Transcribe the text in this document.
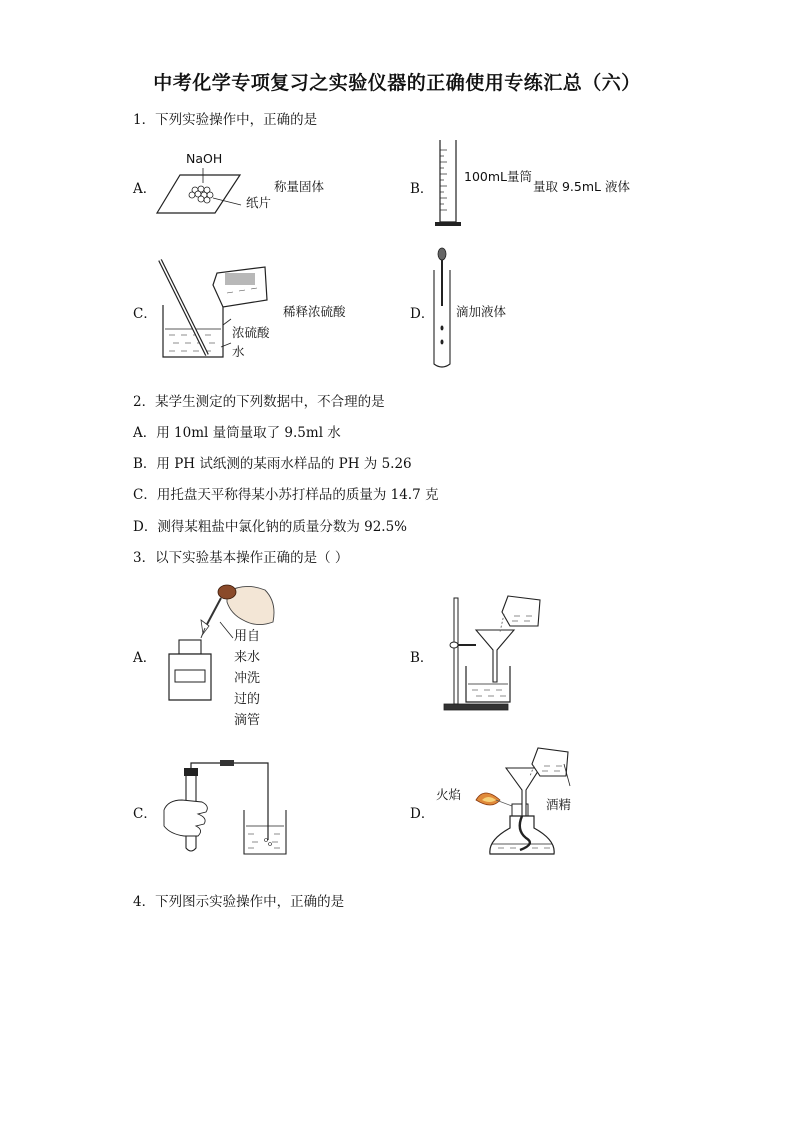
中考化学专项复习之实验仪器的正确使用专练汇总（六）
1．下列实验操作中，正确的是
A．
NaOH
称量固体
纸片
B．
100mL量筒
量取 9.5mL 液体
C．	稀释浓硫酸
浓硫酸
水
D． 滴加液体
2．某学生测定的下列数据中，不合理的是
A．用 10ml 量筒量取了 9.5ml 水
B．用 PH 试纸测的某雨水样品的 PH 为 5.26
C．用托盘天平称得某小苏打样品的质量为 14.7 克
D．测得某粗盐中氯化钠的质量分数为 92.5%
3．以下实验基本操作正确的是（ ）
A．
用自
来水
冲洗
过的
滴管
B．
C．	D．
火焰
酒精
4．下列图示实验操作中，正确的是
